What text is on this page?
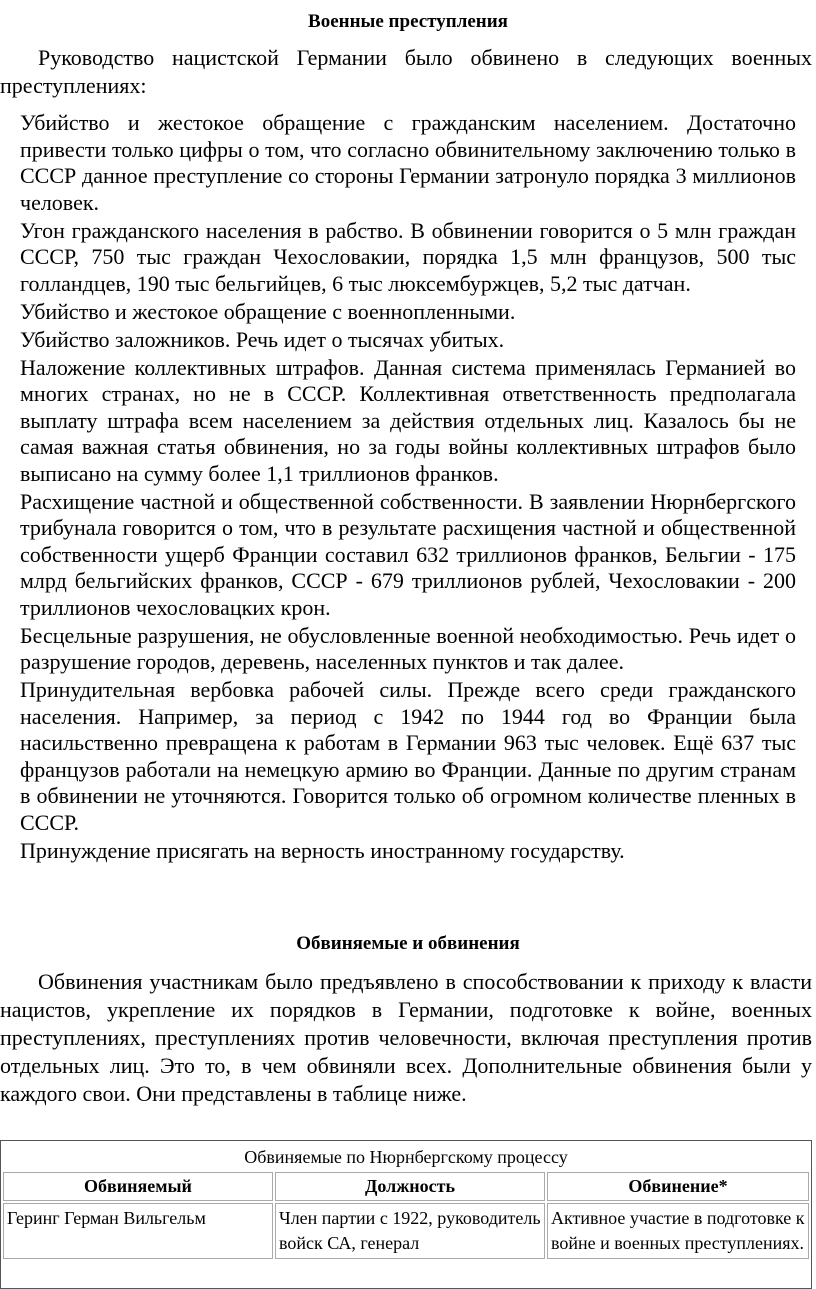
Военные преступления

Руководство нацистской Германии было обвинено в следующих военных преступлениях:

Убийство и жестокое обращение с гражданским населением. Достаточно привести только цифры о том, что согласно обвинительному заключению только в СССР данное преступление со стороны Германии затронуло порядка 3 миллионов человек.
Угон гражданского населения в рабство. В обвинении говорится о 5 млн граждан СССР, 750 тыс граждан Чехословакии, порядка 1,5 млн французов, 500 тыс голландцев, 190 тыс бельгийцев, 6 тыс люксембуржцев, 5,2 тыс датчан.
Убийство и жестокое обращение с военнопленными.
Убийство заложников. Речь идет о тысячах убитых.
Наложение коллективных штрафов. Данная система применялась Германией во многих странах, но не в СССР. Коллективная ответственность предполагала выплату штрафа всем населением за действия отдельных лиц. Казалось бы не самая важная статья обвинения, но за годы войны коллективных штрафов было выписано на сумму более 1,1 триллионов франков.
Расхищение частной и общественной собственности. В заявлении Нюрнбергского трибунала говорится о том, что в результате расхищения частной и общественной собственности ущерб Франции составил 632 триллионов франков, Бельгии - 175 млрд бельгийских франков, СССР - 679 триллионов рублей, Чехословакии - 200 триллионов чехословацких крон.
Бесцельные разрушения, не обусловленные военной необходимостью. Речь идет о разрушение городов, деревень, населенных пунктов и так далее.
Принудительная вербовка рабочей силы. Прежде всего среди гражданского населения. Например, за период с 1942 по 1944 год во Франции была насильственно превращена к работам в Германии 963 тыс человек. Ещё 637 тыс французов работали на немецкую армию во Франции. Данные по другим странам в обвинении не уточняются. Говорится только об огромном количестве пленных в СССР.
Принуждение присягать на верность иностранному государству.
Обвиняемые и обвинения

Обвинения участникам было предъявлено в способствовании к приходу к власти нацистов, укрепление их порядков в Германии, подготовке к войне, военных преступлениях, преступлениях против человечности, включая преступления против отдельных лиц. Это то, в чем обвиняли всех. Дополнительные обвинения были у каждого свои. Они представлены в таблице ниже.

Обвиняемые по Нюрнбергскому процессу
Обвиняемый	Должность	Обвинение*
Геринг Герман Вильгельм	Член партии с 1922, руководитель войск СА, генерал	Активное участие в подготовке к войне и военных преступлениях.
